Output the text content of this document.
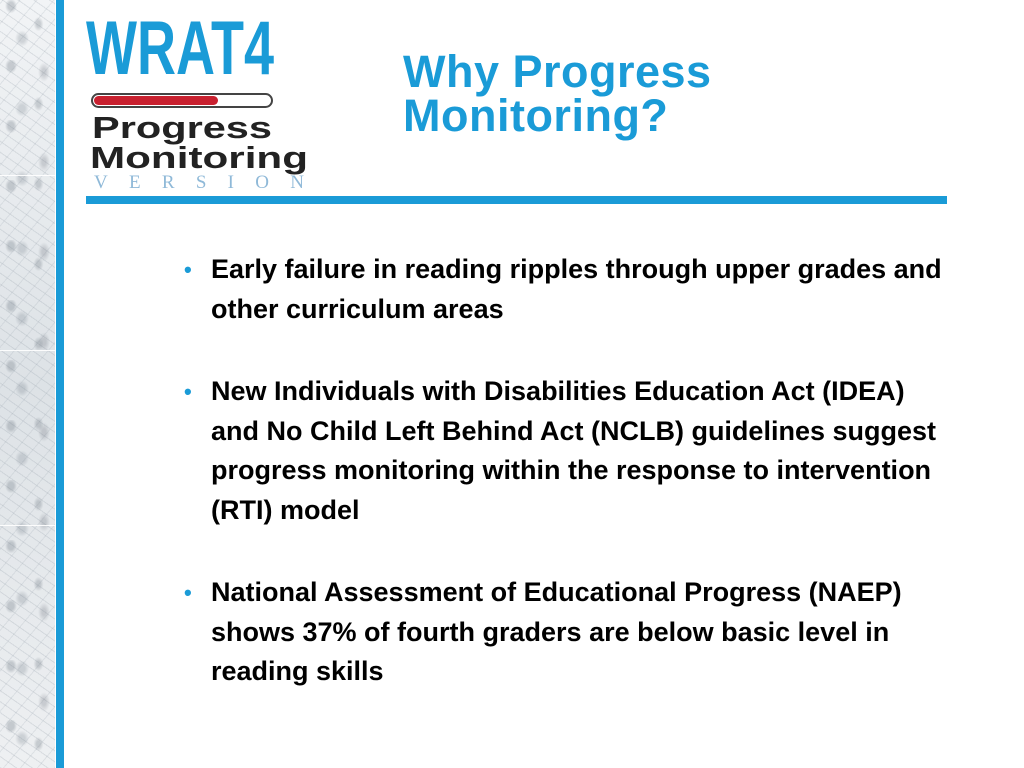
WRAT4
Progress
Monitoring
VERSION
Why Progress Monitoring?
• Early failure in reading ripples through upper grades and other curriculum areas
• New Individuals with Disabilities Education Act (IDEA) and No Child Left Behind Act (NCLB) guidelines suggest progress monitoring within the response to intervention (RTI) model
• National Assessment of Educational Progress (NAEP) shows 37% of fourth graders are below basic level in reading skills
